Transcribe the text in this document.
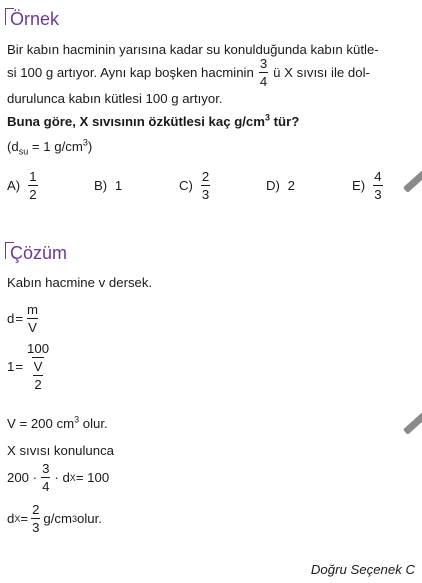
Örnek
Bir kabın hacminin yarısına kadar su konulduğunda kabın kütle-
si 100 g artıyor. Aynı kap boşken hacminin $\frac{3}{4}$ ü X sıvısı ile dol-
durulunca kabın kütlesi 100 g artıyor.
Buna göre, X sıvısının özkütlesi kaç $g/cm^3$ tür?
($d_{su} = 1$ $g/cm^3$)
$A) \frac{1}{2}$	B) 1	$C) \frac{2}{3}$	D) 2	$E) \frac{4}{3}$
Çözüm
Kabın hacmine v dersek.
$d = \frac{m}{V}$
$1 = \frac{100}{\frac{V}{2}}$
V = 200 $cm^3$ olur.
X sıvısı konulunca
$200 \cdot \frac{3}{4} \cdot d$ X = 100
d $X = \frac{2}{3} g/cm$ 3 olur.
Doğru Seçenek C
